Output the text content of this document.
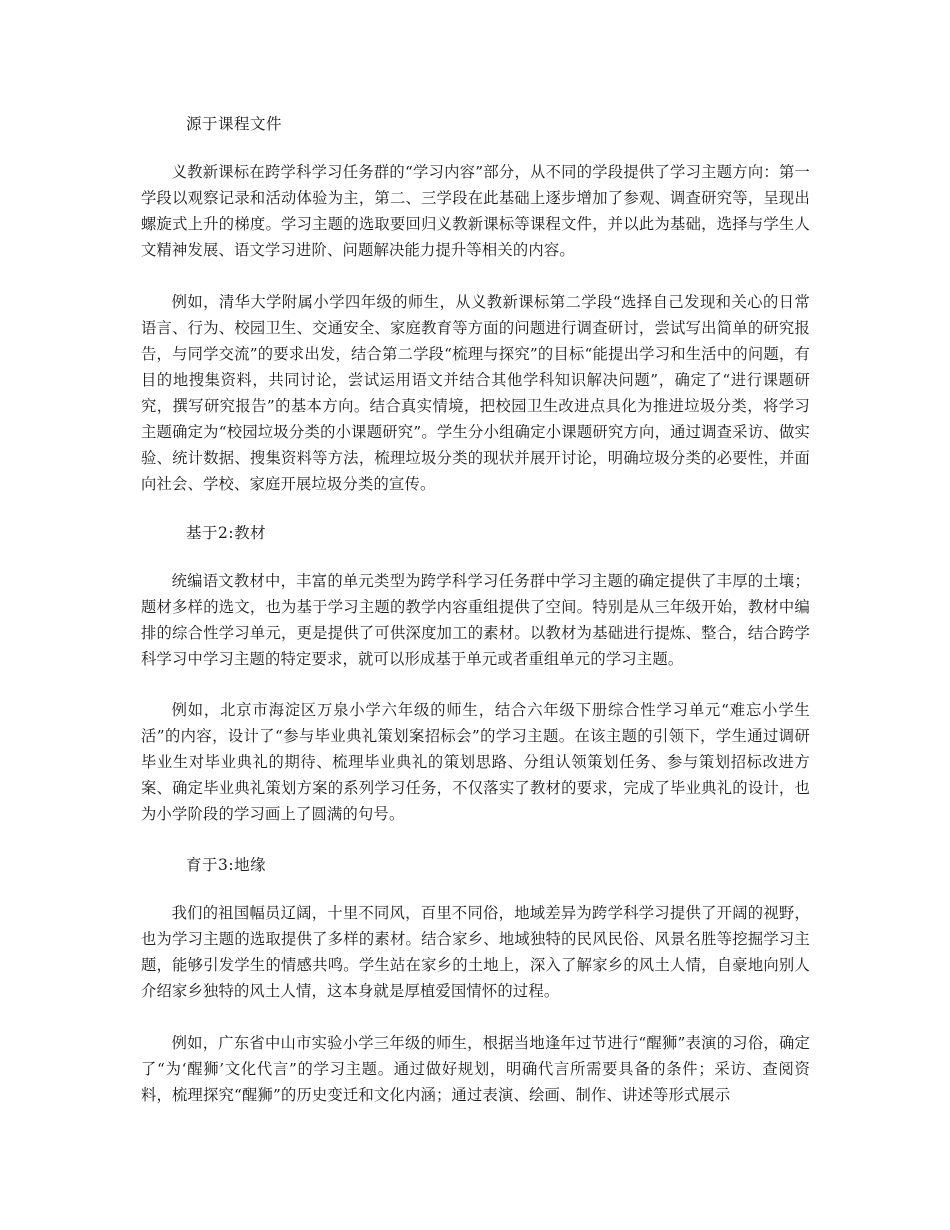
源于课程文件

义教新课标在跨学科学习任务群的“学习内容”部分，从不同的学段提供了学习主题方向：第一学段以观察记录和活动体验为主，第二、三学段在此基础上逐步增加了参观、调查研究等，呈现出螺旋式上升的梯度。学习主题的选取要回归义教新课标等课程文件，并以此为基础，选择与学生人文精神发展、语文学习进阶、问题解决能力提升等相关的内容。

例如，清华大学附属小学四年级的师生，从义教新课标第二学段“选择自己发现和关心的日常语言、行为、校园卫生、交通安全、家庭教育等方面的问题进行调查研讨，尝试写出简单的研究报告，与同学交流”的要求出发，结合第二学段“梳理与探究”的目标“能提出学习和生活中的问题，有目的地搜集资料，共同讨论，尝试运用语文并结合其他学科知识解决问题”，确定了“进行课题研究，撰写研究报告”的基本方向。结合真实情境，把校园卫生改进点具化为推进垃圾分类，将学习主题确定为“校园垃圾分类的小课题研究”。学生分小组确定小课题研究方向，通过调查采访、做实验、统计数据、搜集资料等方法，梳理垃圾分类的现状并展开讨论，明确垃圾分类的必要性，并面向社会、学校、家庭开展垃圾分类的宣传。

基于2:教材

统编语文教材中，丰富的单元类型为跨学科学习任务群中学习主题的确定提供了丰厚的土壤；题材多样的选文，也为基于学习主题的教学内容重组提供了空间。特别是从三年级开始，教材中编排的综合性学习单元，更是提供了可供深度加工的素材。以教材为基础进行提炼、整合，结合跨学科学习中学习主题的特定要求，就可以形成基于单元或者重组单元的学习主题。

例如，北京市海淀区万泉小学六年级的师生，结合六年级下册综合性学习单元“难忘小学生活”的内容，设计了“参与毕业典礼策划案招标会”的学习主题。在该主题的引领下，学生通过调研毕业生对毕业典礼的期待、梳理毕业典礼的策划思路、分组认领策划任务、参与策划招标改进方案、确定毕业典礼策划方案的系列学习任务，不仅落实了教材的要求，完成了毕业典礼的设计，也为小学阶段的学习画上了圆满的句号。

育于3:地缘

我们的祖国幅员辽阔，十里不同风，百里不同俗，地域差异为跨学科学习提供了开阔的视野，也为学习主题的选取提供了多样的素材。结合家乡、地域独特的民风民俗、风景名胜等挖掘学习主题，能够引发学生的情感共鸣。学生站在家乡的土地上，深入了解家乡的风土人情，自豪地向别人介绍家乡独特的风土人情，这本身就是厚植爱国情怀的过程。

例如，广东省中山市实验小学三年级的师生，根据当地逢年过节进行“醒狮”表演的习俗，确定了“为‘醒狮’文化代言”的学习主题。通过做好规划，明确代言所需要具备的条件；采访、查阅资料，梳理探究“醒狮”的历史变迁和文化内涵；通过表演、绘画、制作、讲述等形式展示
